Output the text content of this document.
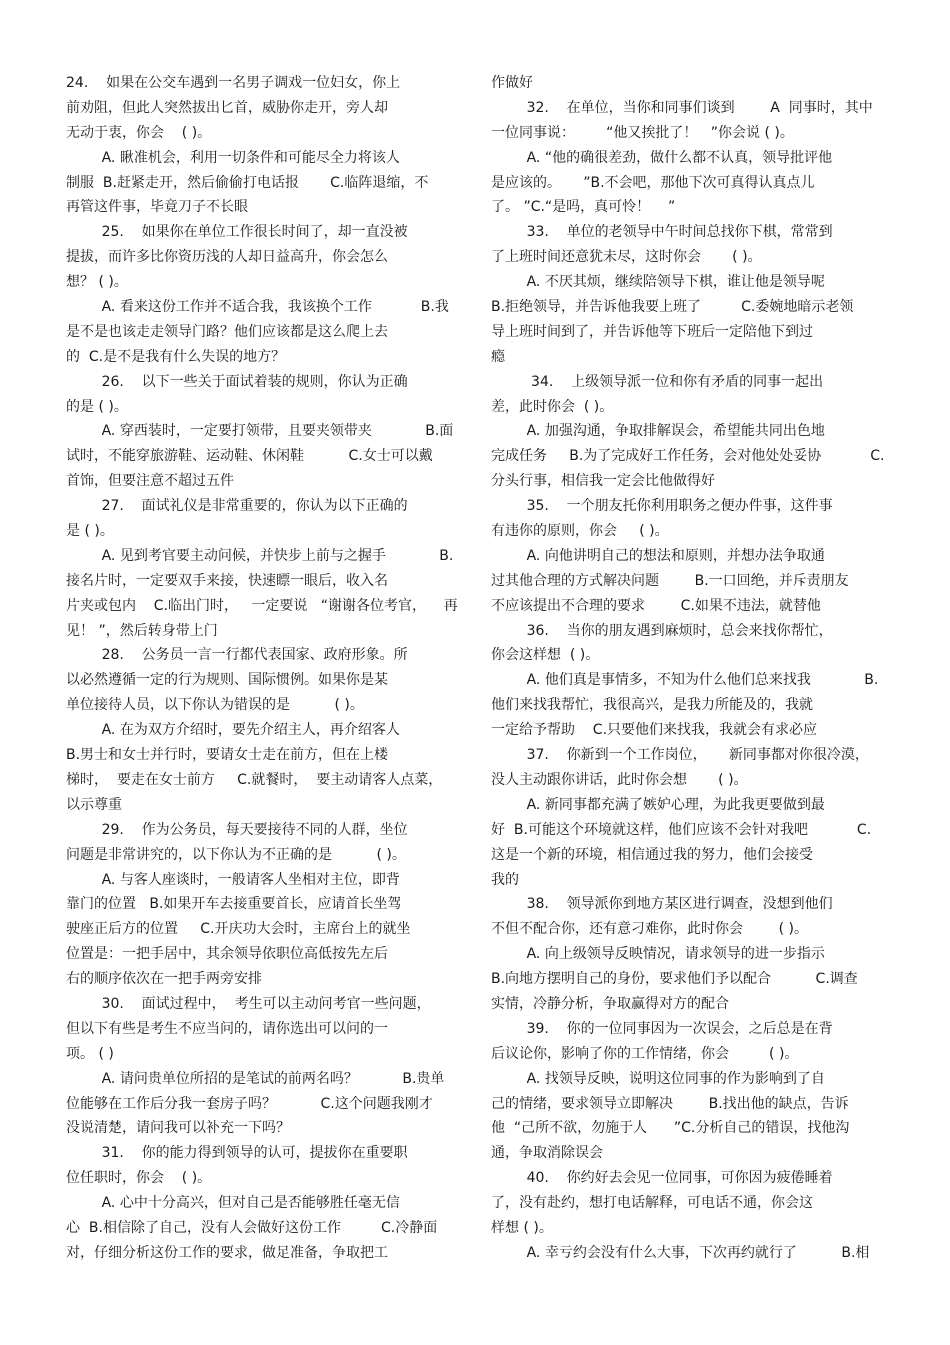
24.    如果在公交车遇到一名男子调戏一位妇女，你上
前劝阻，但此人突然拔出匕首，威胁你走开，旁人却
无动于衷，你会    ( )。
A. 瞅准机会，利用一切条件和可能尽全力将该人
制服  B.赶紧走开，然后偷偷打电话报       C.临阵退缩，不
再管这件事，毕竟刀子不长眼
25.    如果你在单位工作很长时间了，却一直没被
提拔，而许多比你资历浅的人却日益高升，你会怎么
想？ ( )。
A. 看来这份工作并不适合我，我该换个工作           B.我
是不是也该走走领导门路？他们应该都是这么爬上去
的  C.是不是我有什么失误的地方？
26.    以下一些关于面试着装的规则，你认为正确
的是 ( )。
A. 穿西装时，一定要打领带，且要夹领带夹            B.面
试时，不能穿旅游鞋、运动鞋、休闲鞋          C.女士可以戴
首饰，但要注意不超过五件
27.    面试礼仪是非常重要的，你认为以下正确的
是 ( )。
A. 见到考官要主动问候，并快步上前与之握手            B.
接名片时，一定要双手来接，快速瞟一眼后，收入名
片夹或包内    C.临出门时，   一定要说   “谢谢各位考官，    再
见！ ”，然后转身带上门
28.    公务员一言一行都代表国家、政府形象。所
以必然遵循一定的行为规则、国际惯例。如果你是某
单位接待人员，以下你认为错误的是          ( )。
A. 在为双方介绍时，要先介绍主人，再介绍客人
B.男士和女士并行时，要请女士走在前方，但在上楼
梯时，  要走在女士前方     C.就餐时，  要主动请客人点菜，
以示尊重
29.    作为公务员，每天要接待不同的人群，坐位
问题是非常讲究的，以下你认为不正确的是          ( )。
A. 与客人座谈时，一般请客人坐相对主位，即背
靠门的位置   B.如果开车去接重要首长，应请首长坐驾
驶座正后方的位置     C.开庆功大会时，主席台上的就坐
位置是：一把手居中，其余领导依职位高低按先左后
右的顺序依次在一把手两旁安排
30.    面试过程中，  考生可以主动问考官一些问题，
但以下有些是考生不应当问的，请你选出可以问的一
项。 ( )
A. 请问贵单位所招的是笔试的前两名吗？          B.贵单
位能够在工作后分我一套房子吗？          C.这个问题我刚才
没说清楚，请问我可以补充一下吗？
31.    你的能力得到领导的认可，提拔你在重要职
位任职时，你会    ( )。
A. 心中十分高兴，但对自己是否能够胜任毫无信
心  B.相信除了自己，没有人会做好这份工作         C.冷静面
对，仔细分析这份工作的要求，做足准备，争取把工
作做好
32.    在单位，当你和同事们谈到        A  同事时，其中
一位同事说：       “他又挨批了！   ”你会说 ( )。
A. “他的确很差劲，做什么都不认真，领导批评他
是应该的。     ”B.不会吧，那他下次可真得认真点儿
了。 ”C.“是吗，真可怜！    ”
33.    单位的老领导中午时间总找你下棋，常常到
了上班时间还意犹未尽，这时你会       ( )。
A. 不厌其烦，继续陪领导下棋，谁让他是领导呢
B.拒绝领导，并告诉他我要上班了         C.委婉地暗示老领
导上班时间到了，并告诉他等下班后一定陪他下到过
瘾
34.    上级领导派一位和你有矛盾的同事一起出
差，此时你会  ( )。
A. 加强沟通，争取排解误会，希望能共同出色地
完成任务     B.为了完成好工作任务，会对他处处妥协           C.
分头行事，相信我一定会比他做得好
35.    一个朋友托你利用职务之便办件事，这件事
有违你的原则，你会     ( )。
A. 向他讲明自己的想法和原则，并想办法争取通
过其他合理的方式解决问题        B.一口回绝，并斥责朋友
不应该提出不合理的要求        C.如果不违法，就替他
36.    当你的朋友遇到麻烦时，总会来找你帮忙，
你会这样想  ( )。
A. 他们真是事情多，不知为什么他们总来找我            B.
他们来找我帮忙，我很高兴，是我力所能及的，我就
一定给予帮助    C.只要他们来找我，我就会有求必应
37.    你新到一个工作岗位，     新同事都对你很冷漠，
没人主动跟你讲话，此时你会想       ( )。
A. 新同事都充满了嫉妒心理，为此我更要做到最
好  B.可能这个环境就这样，他们应该不会针对我吧           C.
这是一个新的环境，相信通过我的努力，他们会接受
我的
38.    领导派你到地方某区进行调查，没想到他们
不但不配合你，还有意刁难你，此时你会        ( )。
A. 向上级领导反映情况，请求领导的进一步指示
B.向地方摆明自己的身份，要求他们予以配合          C.调查
实情，冷静分析，争取赢得对方的配合
39.    你的一位同事因为一次误会，之后总是在背
后议论你，影响了你的工作情绪，你会         ( )。
A. 找领导反映，说明这位同事的作为影响到了自
己的情绪，要求领导立即解决        B.找出他的缺点，告诉
他  “己所不欲，勿施于人      ”C.分析自己的错误，找他沟
通，争取消除误会
40.    你约好去会见一位同事，可你因为疲倦睡着
了，没有赴约，想打电话解释，可电话不通，你会这
样想 ( )。
A. 幸亏约会没有什么大事，下次再约就行了          B.相
